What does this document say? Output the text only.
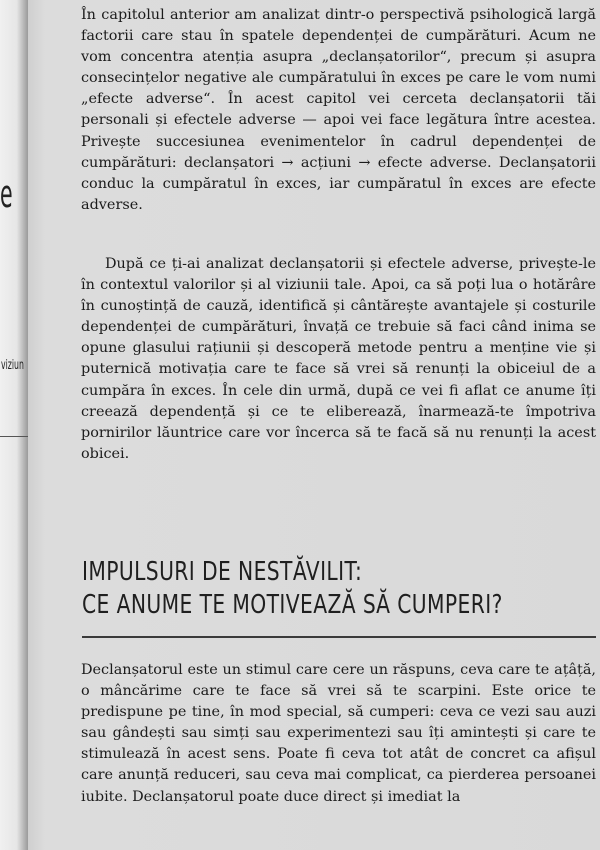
e
viziun

În capitolul anterior am analizat dintr-o perspectivă psihologică largă factorii care stau în spatele dependenței de cumpărături. Acum ne vom concentra atenția asupra „declanșatorilor“, precum și asupra consecințelor negative ale cumpăratului în exces pe care le vom numi „efecte adverse“. În acest capitol vei cerceta declanșatorii tăi personali și efectele adverse — apoi vei face legătura între acestea. Privește succesiunea evenimentelor în cadrul dependenței de cumpărături: declanșatori → acțiuni → efecte adverse. Declanșatorii conduc la cumpăratul în exces, iar cumpăratul în exces are efecte adverse.

După ce ți-ai analizat declanșatorii și efectele adverse, privește-le în contextul valorilor și al viziunii tale. Apoi, ca să poți lua o hotărâre în cunoștință de cauză, identifică și cântărește avantajele și costurile dependenței de cumpărături, învață ce trebuie să faci când inima se opune glasului rațiunii și descoperă metode pentru a menține vie și puternică motivația care te face să vrei să renunți la obiceiul de a cumpăra în exces. În cele din urmă, după ce vei fi aflat ce anume îți creează dependență și ce te eliberează, înarmează-te împotriva pornirilor lăuntrice care vor încerca să te facă să nu renunți la acest obicei.

IMPULSURI DE NESTĂVILIT:
CE ANUME TE MOTIVEAZĂ SĂ CUMPERI?

Declanșatorul este un stimul care cere un răspuns, ceva care te ațâță, o mâncărime care te face să vrei să te scarpini. Este orice te predispune pe tine, în mod special, să cumperi: ceva ce vezi sau auzi sau gândești sau simți sau experimentezi sau îți amintești și care te stimulează în acest sens. Poate fi ceva tot atât de concret ca afișul care anunță reduceri, sau ceva mai complicat, ca pierderea persoanei iubite. Declanșatorul poate duce direct și imediat la
